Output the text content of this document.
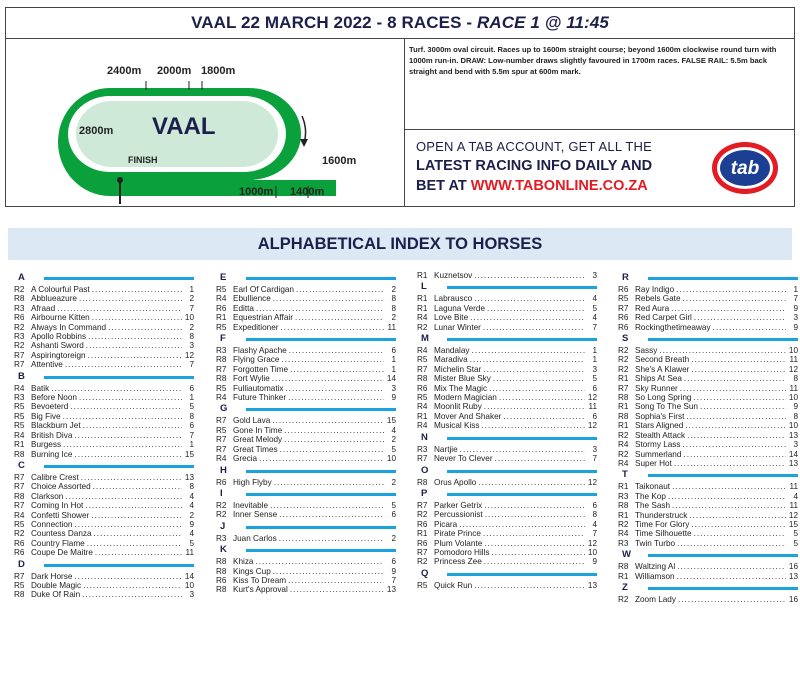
VAAL 22 MARCH 2022 - 8 RACES - RACE 1 @ 11:45
2400m 2000m 1800m
2800m VAAL
FINISH	1600m
1000m 1400m
Turf. 3000m oval circuit. Races up to 1600m straight course; beyond 1600m clockwise round turn with 1000m run-in. DRAW: Low-number draws slightly favoured in 1700m races. FALSE RAIL: 5.5m back straight and bend with 5.5m spur at 600m mark.
OPEN A TAB ACCOUNT, GET ALL THE
LATEST RACING INFO DAILY AND
BET AT WWW.TABONLINE.CO.ZA
tab
ALPHABETICAL INDEX TO HORSES
A
R2 A Colourful Past .....	1
R8 Abblueazure .....	2
R3 Afraad .....	7
R6 Airbourne Kitten .....	10
R2 Always In Command .....	2
R3 Apollo Robbins .....	8
R2 Ashanti Sword .....	3
R7 Aspiringtoreign .....	12
R7 Attentive .....	7
B
R4 Batik .....	6
R3 Before Noon .....	1
R5 Bevoeterd .....	5
R5 Big Five .....	8
R5 Blackburn Jet .....	6
R4 British Diva .....	7
R1 Burgess .....	1
R8 Burning Ice .....	15
C
R7 Calibre Crest .....	13
R7 Choice Assorted .....	8
R8 Clarkson .....	4
R7 Coming In Hot .....	4
R4 Confetti Shower .....	2
R5 Connection .....	9
R2 Countess Danza .....	4
R6 Country Flame .....	5
R6 Coupe De Maitre .....	11
D
R7 Dark Horse .....	14
R5 Double Magic .....	10
R8 Duke Of Rain .....	3
E
R5 Earl Of Cardigan .....	2
R4 Ebullience .....	8
R6 Editta .....	8
R1 Equestrian Affair .....	2
R5 Expeditioner .....	11
F
R3 Flashy Apache .....	6
R8 Flying Grace .....	1
R7 Forgotten Time .....	1
R8 Fort Wylie .....	14
R5 Fulliautomatix .....	3
R4 Future Thinker .....	9
G
R7 Gold Lava .....	15
R5 Gone In Time .....	4
R7 Great Melody .....	2
R7 Great Times .....	5
R4 Grecia .....	10
H
R6 High Flyby .....	2
I
R2 Inevitable .....	5
R2 Inner Sense .....	6
J
R3 Juan Carlos .....	2
K
R8 Khiza .....	6
R8 Kings Cup .....	9
R6 Kiss To Dream .....	7
R8 Kurt's Approval .....	13
R1 Kuznetsov .....	3
L
R1 Labrausco .....	4
R1 Laguna Verde .....	5
R4 Love Bite .....	4
R2 Lunar Winter .....	7
M
R4 Mandalay .....	1
R5 Maradiva .....	1
R7 Michelin Star .....	3
R8 Mister Blue Sky .....	5
R6 Mix The Magic .....	6
R5 Modern Magician .....	12
R4 Moonlit Ruby .....	11
R1 Mover And Shaker .....	6
R4 Musical Kiss .....	12
N
R3 Nartjie .....	3
R7 Never To Clever .....	7
O
R8 Orus Apollo .....	12
P
R7 Parker Getrix .....	6
R2 Percussionist .....	8
R6 Picara .....	4
R1 Pirate Prince .....	7
R6 Plum Volante .....	12
R7 Pomodoro Hills .....	10
R2 Princess Zee .....	9
Q
R5 Quick Run .....	13
R
R6 Ray Indigo .....	1
R5 Rebels Gate .....	7
R7 Red Aura .....	9
R6 Red Carpet Girl .....	3
R6 Rockingthetimeaway .....	9
S
R2 Sassy .....	10
R2 Second Breath .....	11
R2 She's A Klawer .....	12
R1 Ships At Sea .....	8
R7 Sky Runner .....	11
R8 So Long Spring .....	10
R1 Song To The Sun .....	9
R8 Sophia's First .....	8
R1 Stars Aligned .....	10
R2 Stealth Attack .....	13
R4 Stormy Lass .....	3
R2 Summerland .....	14
R4 Super Hot .....	13
T
R1 Taikonaut .....	11
R3 The Kop .....	4
R8 The Sash .....	11
R1 Thunderstruck .....	12
R2 Time For Glory .....	15
R4 Time Silhouette .....	5
R3 Twin Turbo .....	5
W
R8 Waltzing Al .....	16
R1 Williamson .....	13
Z
R2 Zoom Lady .....	16
